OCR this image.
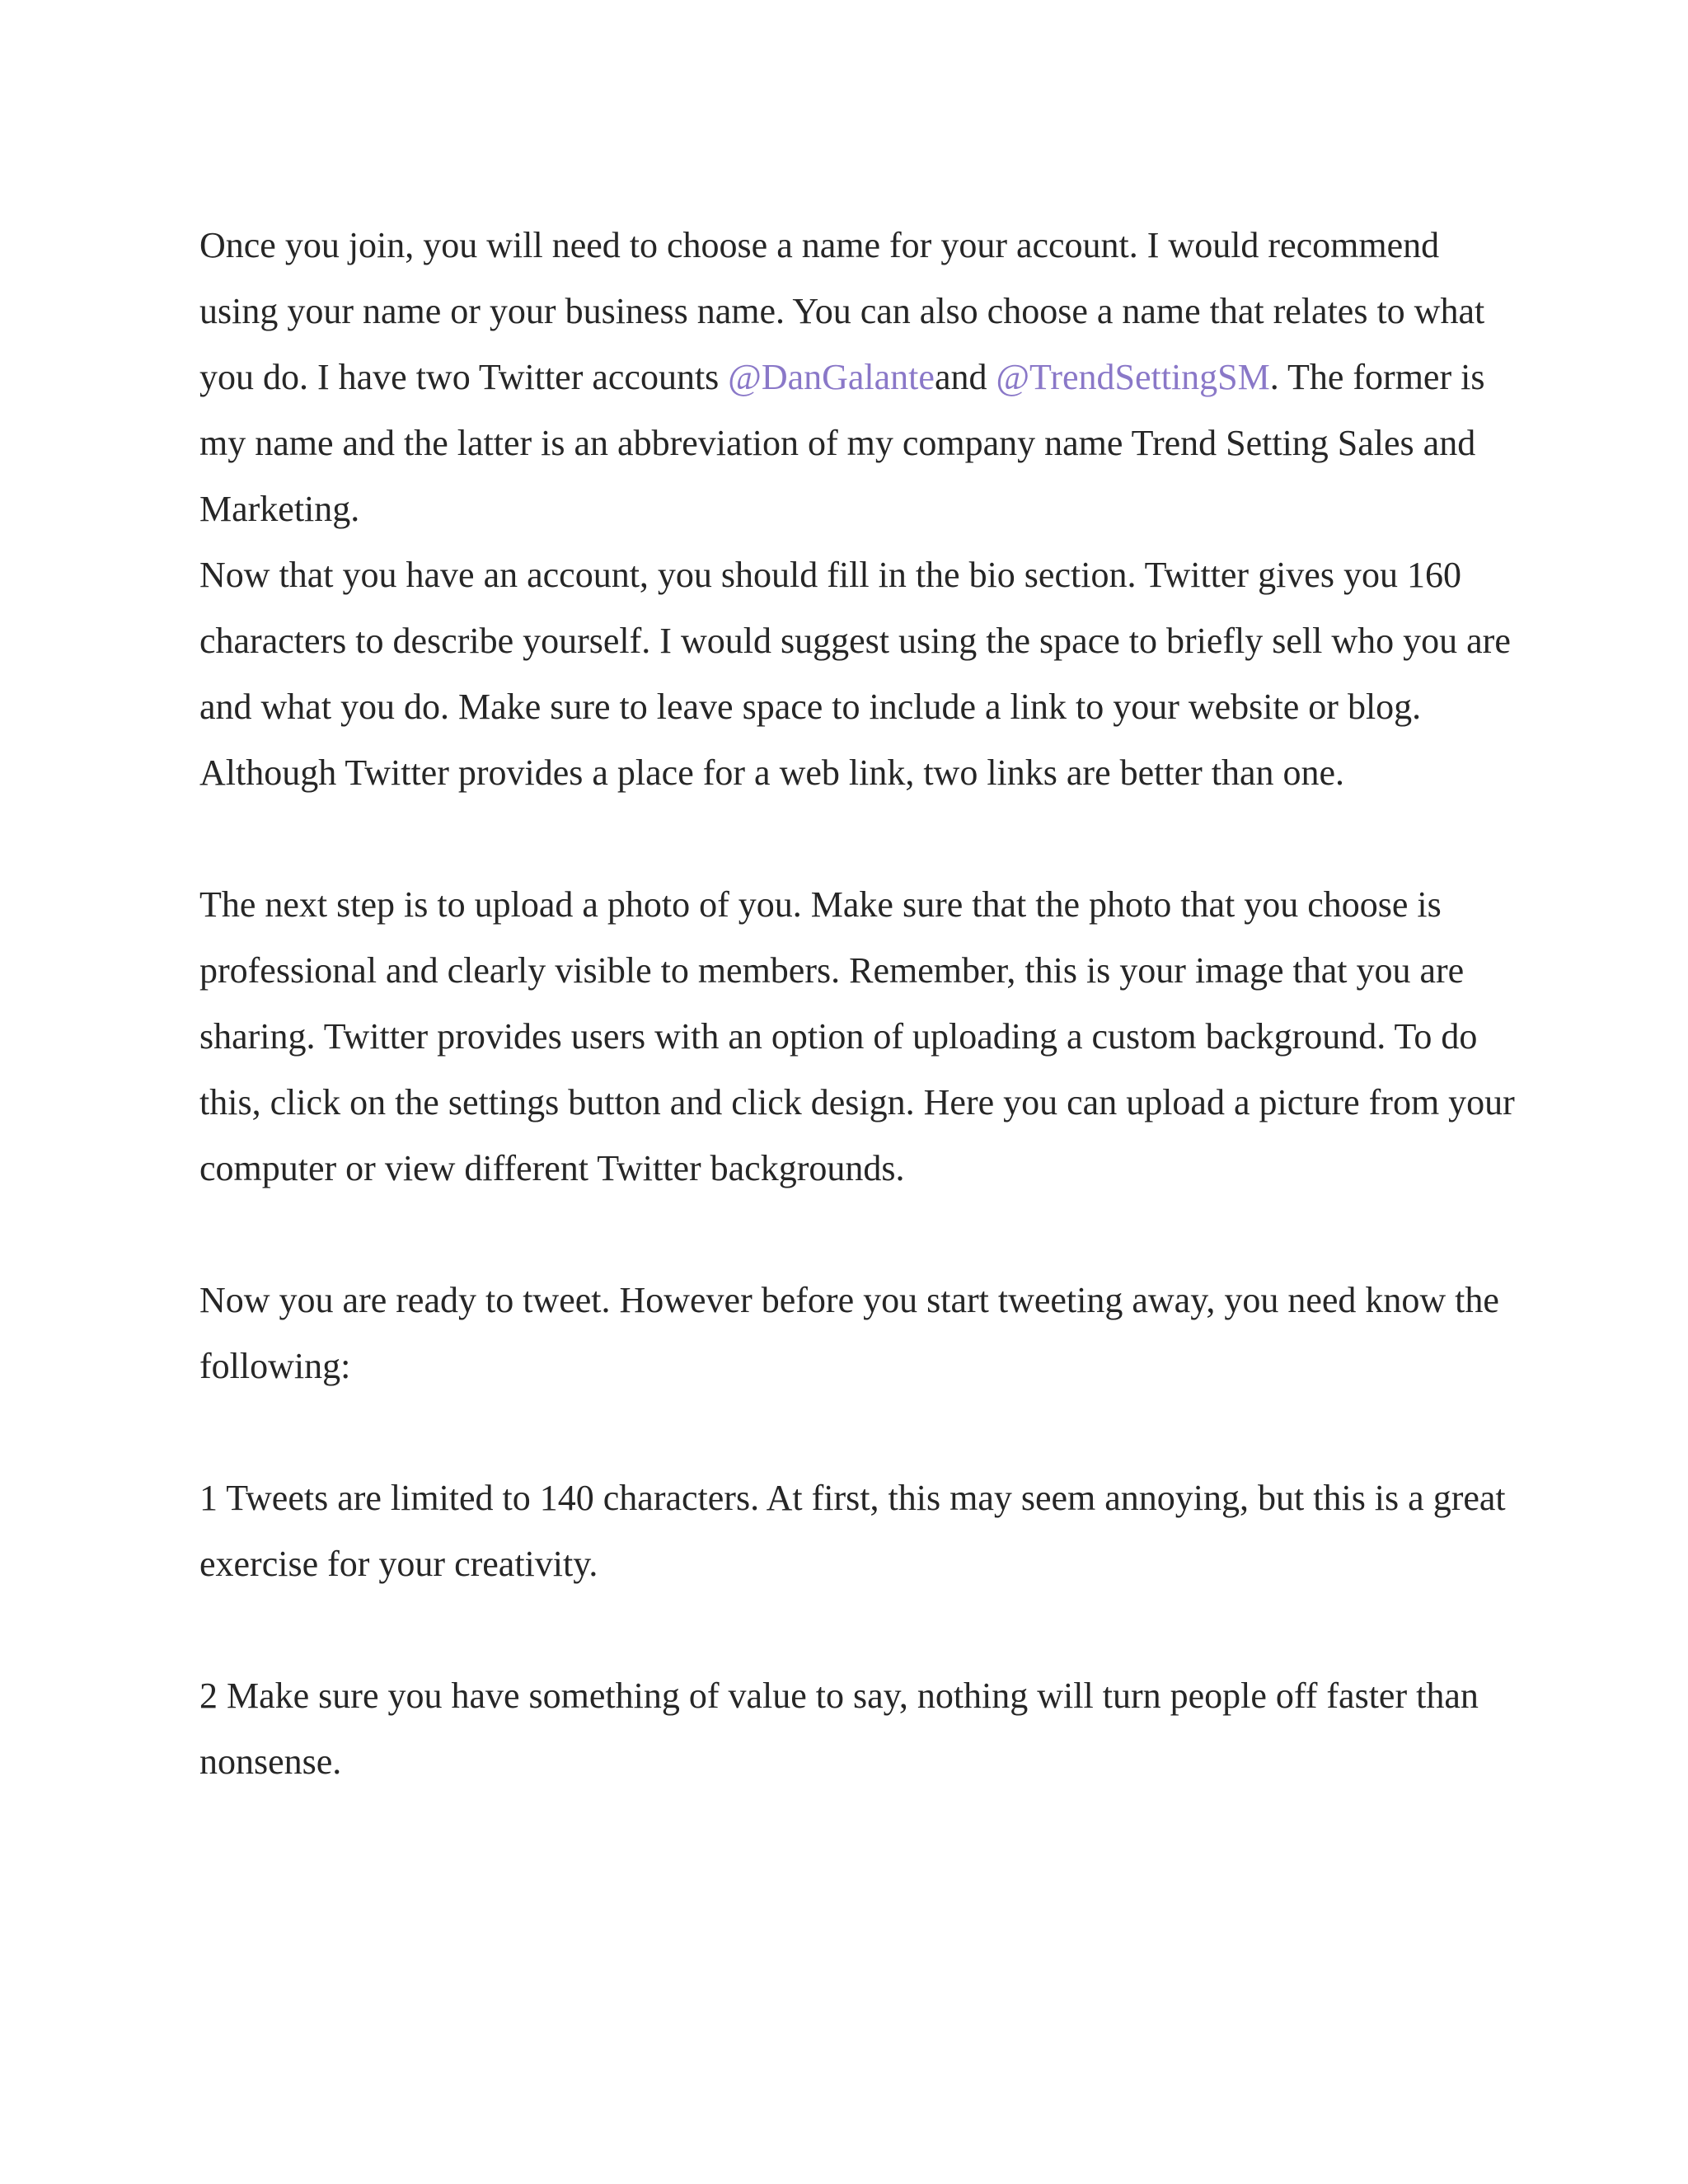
Once you join, you will need to choose a name for your account. I would recommend using your name or your business name. You can also choose a name that relates to what you do. I have two Twitter accounts @DanGalanteand @TrendSettingSM. The former is my name and the latter is an abbreviation of my company name Trend Setting Sales and Marketing.

Now that you have an account, you should fill in the bio section. Twitter gives you 160 characters to describe yourself. I would suggest using the space to briefly sell who you are and what you do. Make sure to leave space to include a link to your website or blog. Although Twitter provides a place for a web link, two links are better than one.

The next step is to upload a photo of you. Make sure that the photo that you choose is professional and clearly visible to members. Remember, this is your image that you are sharing. Twitter provides users with an option of uploading a custom background. To do this, click on the settings button and click design. Here you can upload a picture from your computer or view different Twitter backgrounds.

Now you are ready to tweet. However before you start tweeting away, you need know the following:

1 Tweets are limited to 140 characters. At first, this may seem annoying, but this is a great exercise for your creativity.

2 Make sure you have something of value to say, nothing will turn people off faster than nonsense.
